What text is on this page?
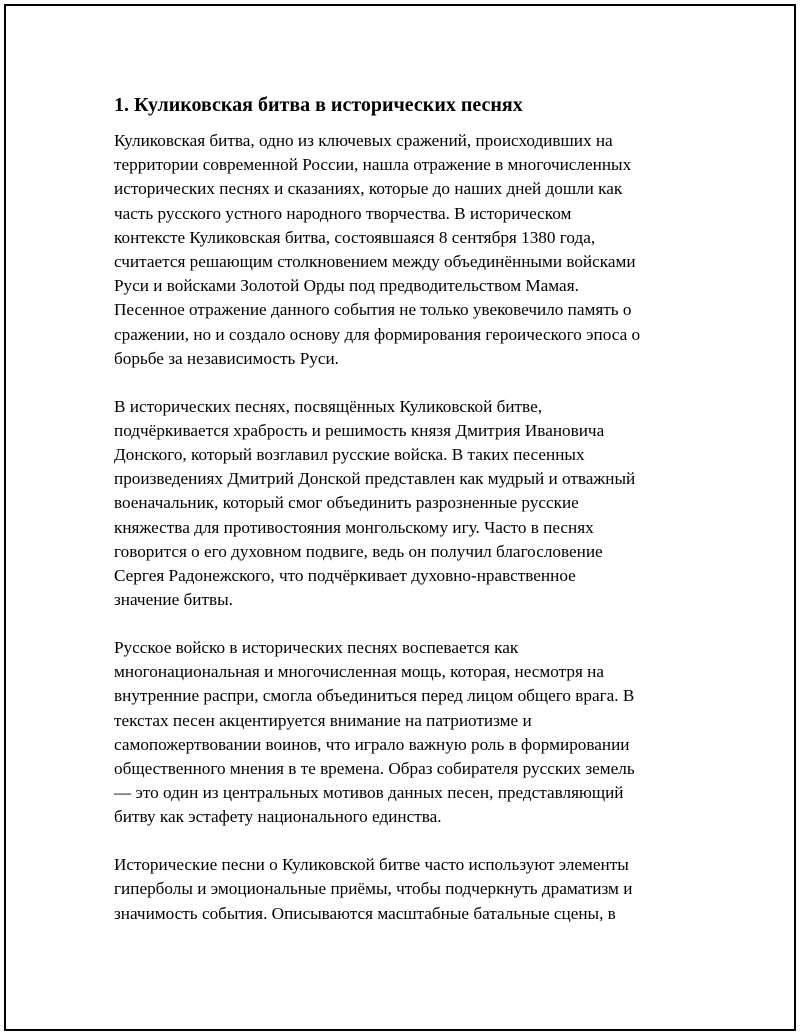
1. Куликовская битва в исторических песнях
Куликовская битва, одно из ключевых сражений, происходивших на
территории современной России, нашла отражение в многочисленных
исторических песнях и сказаниях, которые до наших дней дошли как
часть русского устного народного творчества. В историческом
контексте Куликовская битва, состоявшаяся 8 сентября 1380 года,
считается решающим столкновением между объединёнными войсками
Руси и войсками Золотой Орды под предводительством Мамая.
Песенное отражение данного события не только увековечило память о
сражении, но и создало основу для формирования героического эпоса о
борьбе за независимость Руси.
В исторических песнях, посвящённых Куликовской битве,
подчёркивается храбрость и решимость князя Дмитрия Ивановича
Донского, который возглавил русские войска. В таких песенных
произведениях Дмитрий Донской представлен как мудрый и отважный
военачальник, который смог объединить разрозненные русские
княжества для противостояния монгольскому игу. Часто в песнях
говорится о его духовном подвиге, ведь он получил благословение
Сергея Радонежского, что подчёркивает духовно-нравственное
значение битвы.
Русское войско в исторических песнях воспевается как
многонациональная и многочисленная мощь, которая, несмотря на
внутренние распри, смогла объединиться перед лицом общего врага. В
текстах песен акцентируется внимание на патриотизме и
самопожертвовании воинов, что играло важную роль в формировании
общественного мнения в те времена. Образ собирателя русских земель
— это один из центральных мотивов данных песен, представляющий
битву как эстафету национального единства.
Исторические песни о Куликовской битве часто используют элементы
гиперболы и эмоциональные приёмы, чтобы подчеркнуть драматизм и
значимость события. Описываются масштабные батальные сцены, в
